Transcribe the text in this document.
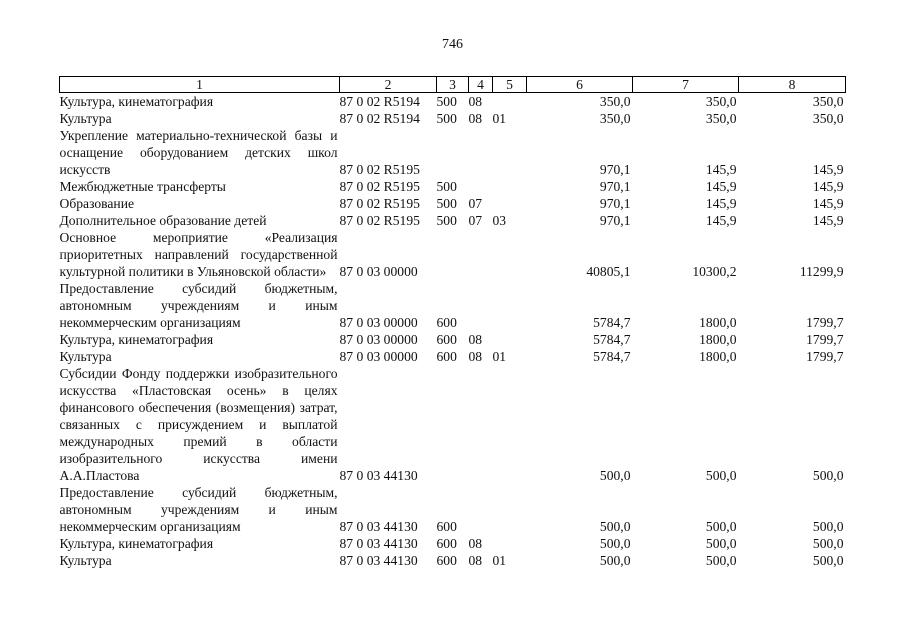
746
1	2	3	4	5	6	7	8
Культура, кинематография	87 0 02 R5194	500	08		350,0	350,0	350,0
Культура	87 0 02 R5194	500	08	01	350,0	350,0	350,0
Укрепление материально-технической базы и оснащение оборудованием детских школ искусств	87 0 02 R5195				970,1	145,9	145,9
Межбюджетные трансферты	87 0 02 R5195	500			970,1	145,9	145,9
Образование	87 0 02 R5195	500	07		970,1	145,9	145,9
Дополнительное образование детей	87 0 02 R5195	500	07	03	970,1	145,9	145,9
Основное мероприятие «Реализация приоритетных направлений государственной культурной политики в Ульяновской области»	87 0 03 00000				40805,1	10300,2	11299,9
Предоставление субсидий бюджетным, автономным учреждениям и иным некоммерческим организациям	87 0 03 00000	600			5784,7	1800,0	1799,7
Культура, кинематография	87 0 03 00000	600	08		5784,7	1800,0	1799,7
Культура	87 0 03 00000	600	08	01	5784,7	1800,0	1799,7
Субсидии Фонду поддержки изобразительного искусства «Пластовская осень» в целях финансового обеспечения (возмещения) затрат, связанных с присуждением и выплатой международных премий в области изобразительного искусства имени А.А.Пластова	87 0 03 44130				500,0	500,0	500,0
Предоставление субсидий бюджетным, автономным учреждениям и иным некоммерческим организациям	87 0 03 44130	600			500,0	500,0	500,0
Культура, кинематография	87 0 03 44130	600	08		500,0	500,0	500,0
Культура	87 0 03 44130	600	08	01	500,0	500,0	500,0
